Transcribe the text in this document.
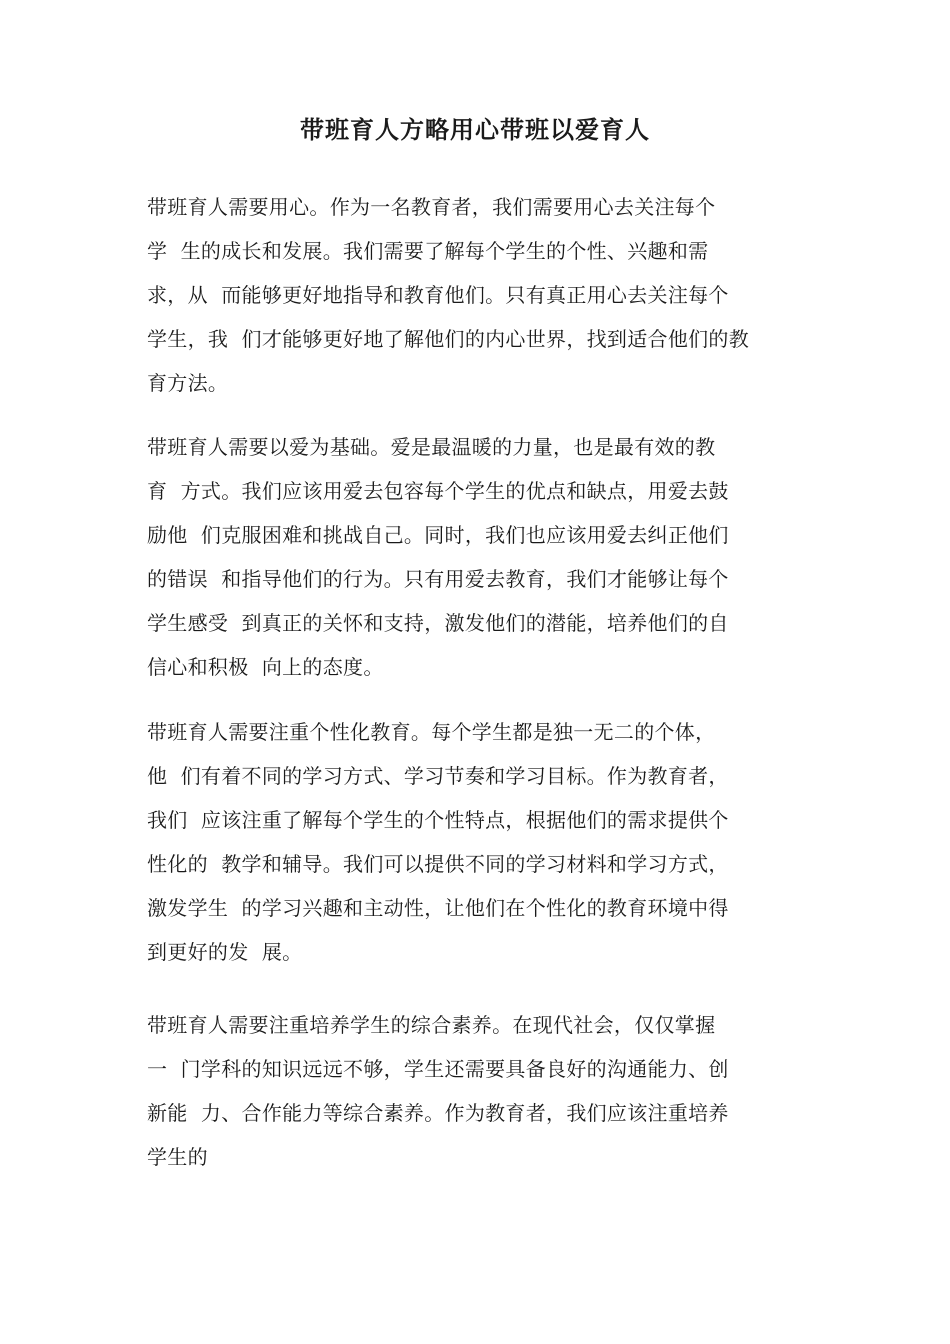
带班育人方略用心带班以爱育人
带班育人需要用心。作为一名教育者，我们需要用心去关注每个
学  生的成长和发展。我们需要了解每个学生的个性、兴趣和需
求，从  而能够更好地指导和教育他们。只有真正用心去关注每个
学生，我  们才能够更好地了解他们的内心世界，找到适合他们的教
育方法。
带班育人需要以爱为基础。爱是最温暖的力量，也是最有效的教
育  方式。我们应该用爱去包容每个学生的优点和缺点，用爱去鼓
励他  们克服困难和挑战自己。同时，我们也应该用爱去纠正他们
的错误  和指导他们的行为。只有用爱去教育，我们才能够让每个
学生感受  到真正的关怀和支持，激发他们的潜能，培养他们的自
信心和积极  向上的态度。
带班育人需要注重个性化教育。每个学生都是独一无二的个体，
他  们有着不同的学习方式、学习节奏和学习目标。作为教育者，
我们  应该注重了解每个学生的个性特点，根据他们的需求提供个
性化的  教学和辅导。我们可以提供不同的学习材料和学习方式，
激发学生  的学习兴趣和主动性，让他们在个性化的教育环境中得
到更好的发  展。
带班育人需要注重培养学生的综合素养。在现代社会，仅仅掌握
一  门学科的知识远远不够，学生还需要具备良好的沟通能力、创
新能  力、合作能力等综合素养。作为教育者，我们应该注重培养
学生的
